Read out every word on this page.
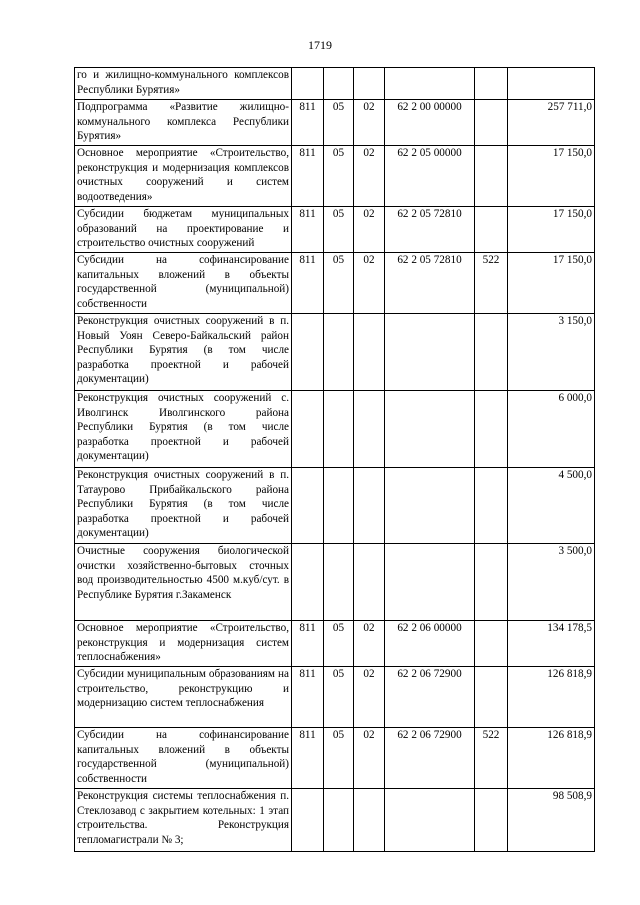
1719
го и жилищно-коммунального комплексов Республики Бурятия»						
Подпрограмма «Развитие жилищно-коммунального комплекса Республики Бурятия»	811	05	02	62 2 00 00000		257 711,0
Основное мероприятие «Строительство, реконструкция и модернизация комплексов очистных сооружений и систем водоотведения»	811	05	02	62 2 05 00000		17 150,0
Субсидии бюджетам муниципальных образований на проектирование и строительство очистных сооружений	811	05	02	62 2 05 72810		17 150,0
Субсидии на софинансирование капитальных вложений в объекты государственной (муниципальной) собственности	811	05	02	62 2 05 72810	522	17 150,0
Реконструкция очистных сооружений в п. Новый Уоян Северо-Байкальский район Республики Бурятия (в том числе разработка проектной и рабочей документации)						3 150,0
Реконструкция очистных сооружений с. Иволгинск Иволгинского района Республики Бурятия (в том числе разработка проектной и рабочей документации)						6 000,0
Реконструкция очистных сооружений в п. Татаурово Прибайкальского района Республики Бурятия (в том числе разработка проектной и рабочей документации)						4 500,0
Очистные сооружения биологической очистки хозяйственно-бытовых сточных вод производительностью 4500 м.куб/сут. в Республике Бурятия г.Закаменск						3 500,0
Основное мероприятие «Строительство, реконструкция и модернизация систем теплоснабжения»	811	05	02	62 2 06 00000		134 178,5
Субсидии муниципальным образованиям на строительство, реконструкцию и модернизацию систем теплоснабжения	811	05	02	62 2 06 72900		126 818,9
Субсидии на софинансирование капитальных вложений в объекты государственной (муниципальной) собственности	811	05	02	62 2 06 72900	522	126 818,9
Реконструкция системы теплоснабжения п. Стеклозавод с закрытием котельных: 1 этап строительства. Реконструкция тепломагистрали № 3;						98 508,9
